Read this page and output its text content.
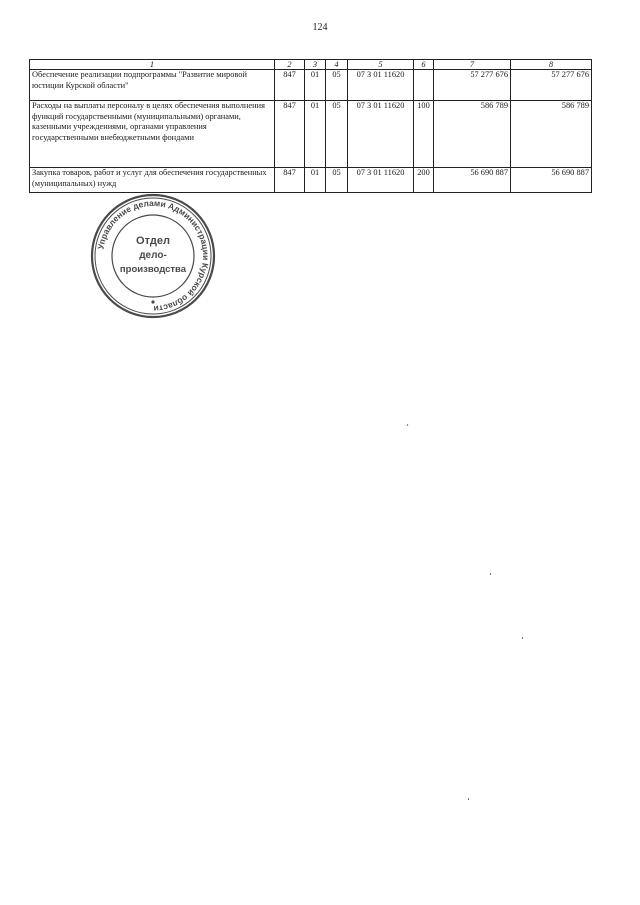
124
1	2	3	4	5	6	7	8
Обеспечение реализации подпрограммы "Развитие мировой юстиции Курской области"	847	01	05	07 3 01 11620		57 277 676	57 277 676
Расходы на выплаты персоналу в целях обеспечения выполнения функций государственными (муниципальными) органами, казенными учреждениями, органами управления государственными внебюджетными фондами	847	01	05	07 3 01 11620	100	586 789	586 789
Закупка товаров, работ и услуг для обеспечения государственных (муниципальных) нужд	847	01	05	07 3 01 11620	200	56 690 887	56 690 887
Управление делами Администрации Курской области
Отдел
дело-
производства
